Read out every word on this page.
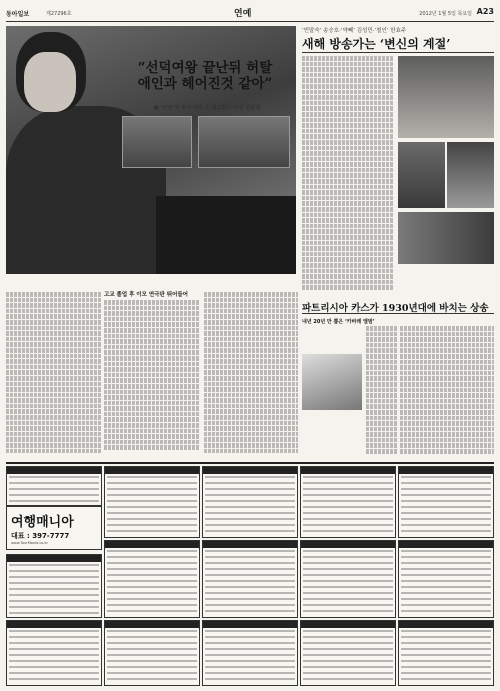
동아일보	제27296호	연예	2012년 1월 5일 목요일 A23
“선덕여왕 끝난뒤 허탈
애인과 헤어진것 같아”
■ ‘비담’역 맡아 데뷔 후 최고인기 누린 김남길
고교 졸업 후 이모 연극판 뛰어들어
‘빈말숙’ 송승호·‘약뻬’ 김성민·‘철인’ 한효주
새해 방송가는 ‘변신의 계절’
파트리시아 카스가 1930년대에 바치는 상송
내년 20년 만 뽑은 ‘카바레 앨범’
여행매니아
대표 : 397-7777
www.TourMania.co.kr
